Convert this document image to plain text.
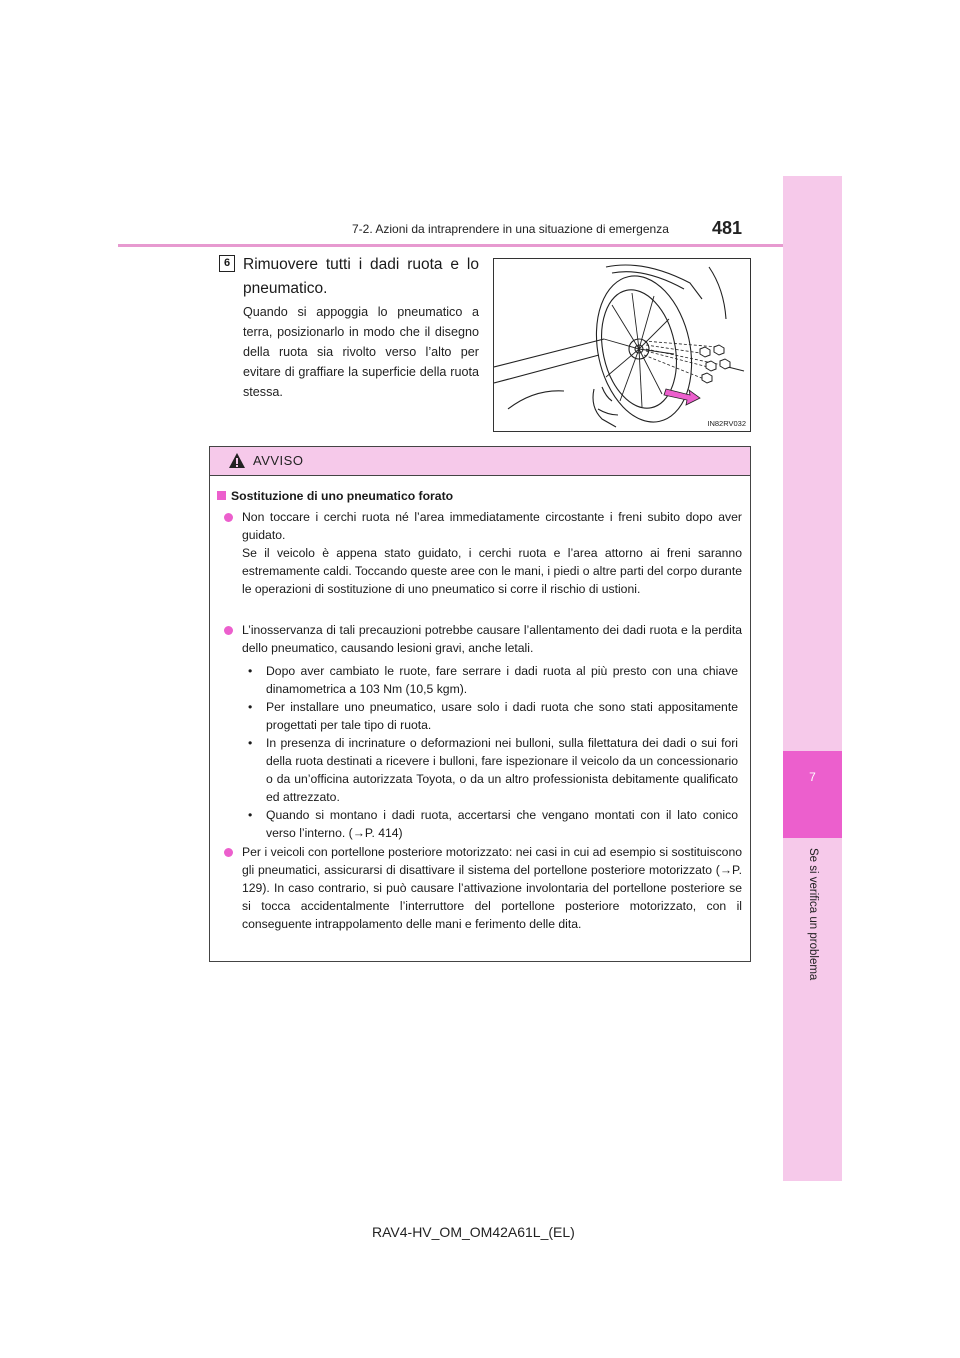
7-2. Azioni da intraprendere in una situazione di emergenza 481
7
Se si verifica un problema
6 Rimuovere tutti i dadi ruota e lo pneumatico.
Quando si appoggia lo pneumatico a terra, posizionarlo in modo che il disegno della ruota sia rivolto verso l’alto per evitare di graffiare la superficie della ruota stessa.
IN82RV032
AVVISO
Sostituzione di uno pneumatico forato
Non toccare i cerchi ruota né l’area immediatamente circostante i freni subito dopo aver guidato.
Se il veicolo è appena stato guidato, i cerchi ruota e l’area attorno ai freni saranno estremamente caldi. Toccando queste aree con le mani, i piedi o altre parti del corpo durante le operazioni di sostituzione di uno pneumatico si corre il rischio di ustioni.
L’inosservanza di tali precauzioni potrebbe causare l’allentamento dei dadi ruota e la perdita dello pneumatico, causando lesioni gravi, anche letali.
• Dopo aver cambiato le ruote, fare serrare i dadi ruota al più presto con una chiave dinamometrica a 103 Nm (10,5 kgm).
• Per installare uno pneumatico, usare solo i dadi ruota che sono stati appositamente progettati per tale tipo di ruota.
• In presenza di incrinature o deformazioni nei bulloni, sulla filettatura dei dadi o sui fori della ruota destinati a ricevere i bulloni, fare ispezionare il veicolo da un concessionario o da un’officina autorizzata Toyota, o da un altro professionista debitamente qualificato ed attrezzato.
• Quando si montano i dadi ruota, accertarsi che vengano montati con il lato conico verso l’interno. (→P. 414)
Per i veicoli con portellone posteriore motorizzato: nei casi in cui ad esempio si sostituiscono gli pneumatici, assicurarsi di disattivare il sistema del portellone posteriore motorizzato (→P. 129). In caso contrario, si può causare l’attivazione involontaria del portellone posteriore se si tocca accidentalmente l’interruttore del portellone posteriore motorizzato, con il conseguente intrappolamento delle mani e ferimento delle dita.
RAV4-HV_OM_OM42A61L_(EL)
